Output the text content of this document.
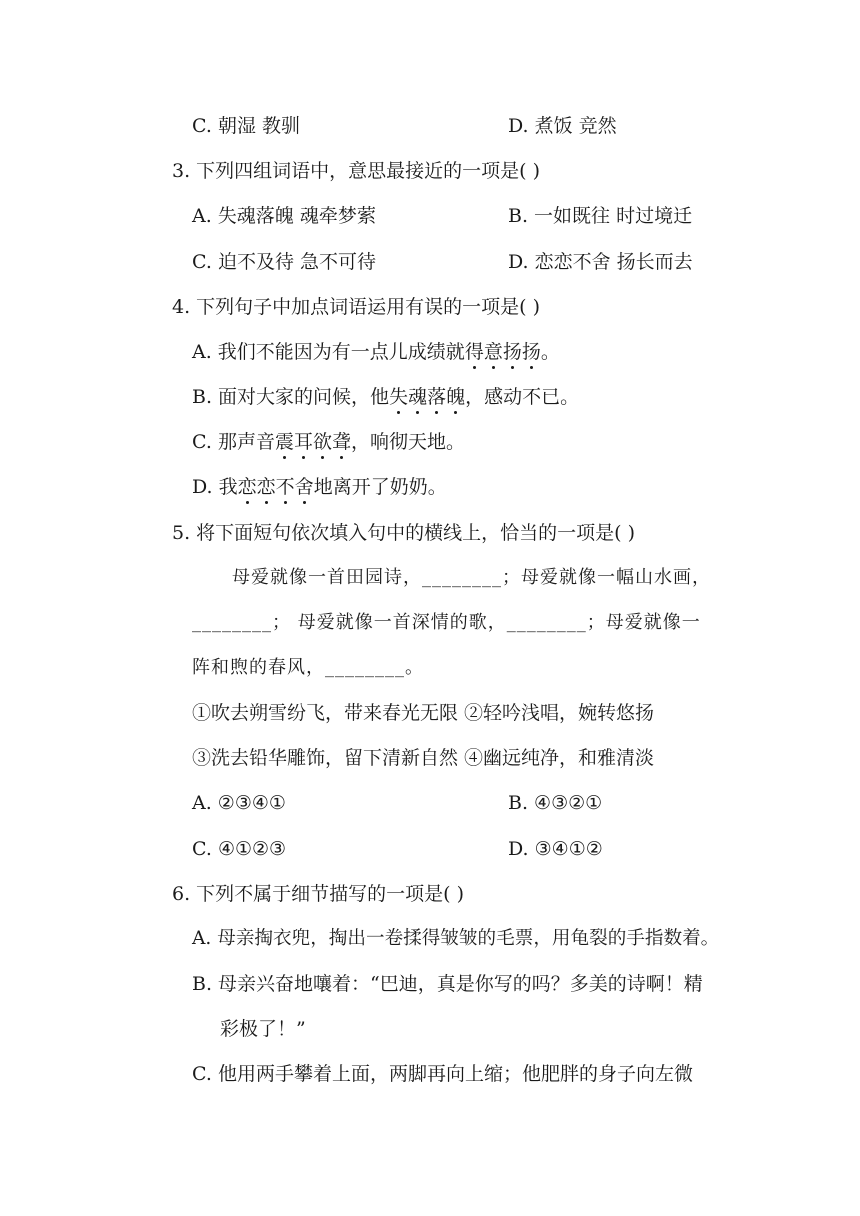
C. 朝湿 教驯	D. 煮饭 竞然
3. 下列四组词语中，意思最接近的一项是( )
A. 失魂落魄 魂牵梦萦	B. 一如既往 时过境迁
C. 迫不及待 急不可待	D. 恋恋不舍 扬长而去
4. 下列句子中加点词语运用有误的一项是( )
A. 我们不能因为有一点儿成绩就得意扬扬。
B. 面对大家的问候，他失魂落魄，感动不已。
C. 那声音震耳欲聋，响彻天地。
D. 我恋恋不舍地离开了奶奶。
5. 将下面短句依次填入句中的横线上，恰当的一项是( )
母爱就像一首田园诗，________；母爱就像一幅山水画，
________； 母爱就像一首深情的歌，________；母爱就像一
阵和煦的春风，________。
①吹去朔雪纷飞，带来春光无限 ②轻吟浅唱，婉转悠扬
③洗去铅华雕饰，留下清新自然 ④幽远纯净，和雅清淡
A. ②③④①	B. ④③②①
C. ④①②③	D. ③④①②
6. 下列不属于细节描写的一项是( )
A. 母亲掏衣兜，掏出一卷揉得皱皱的毛票，用龟裂的手指数着。
B. 母亲兴奋地嚷着：“巴迪，真是你写的吗？多美的诗啊！精
彩极了！”
C. 他用两手攀着上面，两脚再向上缩；他肥胖的身子向左微
